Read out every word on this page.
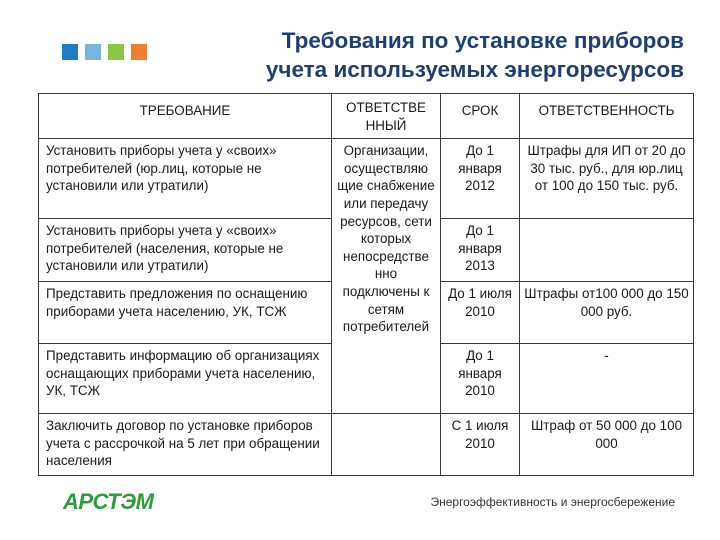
Требования по установке приборов
учета используемых энергоресурсов
ТРЕБОВАНИЕ	ОТВЕТСТВЕ ННЫЙ	СРОК	ОТВЕТСТВЕННОСТЬ
Установить приборы учета у «своих» потребителей (юр.лиц, которые не установили или утратили)	Организации, осуществляю щие снабжение или передачу ресурсов, сети которых непосредстве нно подключены к сетям потребителей	До 1 января 2012	Штрафы для ИП от 20 до 30 тыс. руб., для юр.лиц от 100 до 150 тыс. руб.
Установить приборы учета у «своих» потребителей (населения, которые не установили или утратили)		До 1 января 2013	
Представить предложения по оснащению приборами учета населению, УК, ТСЖ		До 1 июля 2010	Штрафы от100 000 до 150 000 руб.
Представить информацию об организациях оснащающих приборами учета населению, УК, ТСЖ		До 1 января 2010	-
Заключить договор по установке приборов учета с рассрочкой на 5 лет при обращении населения		С 1 июля 2010	Штраф от 50 000 до 100 000
АРСТЭМ	Энергоэффективность и энергосбережение
